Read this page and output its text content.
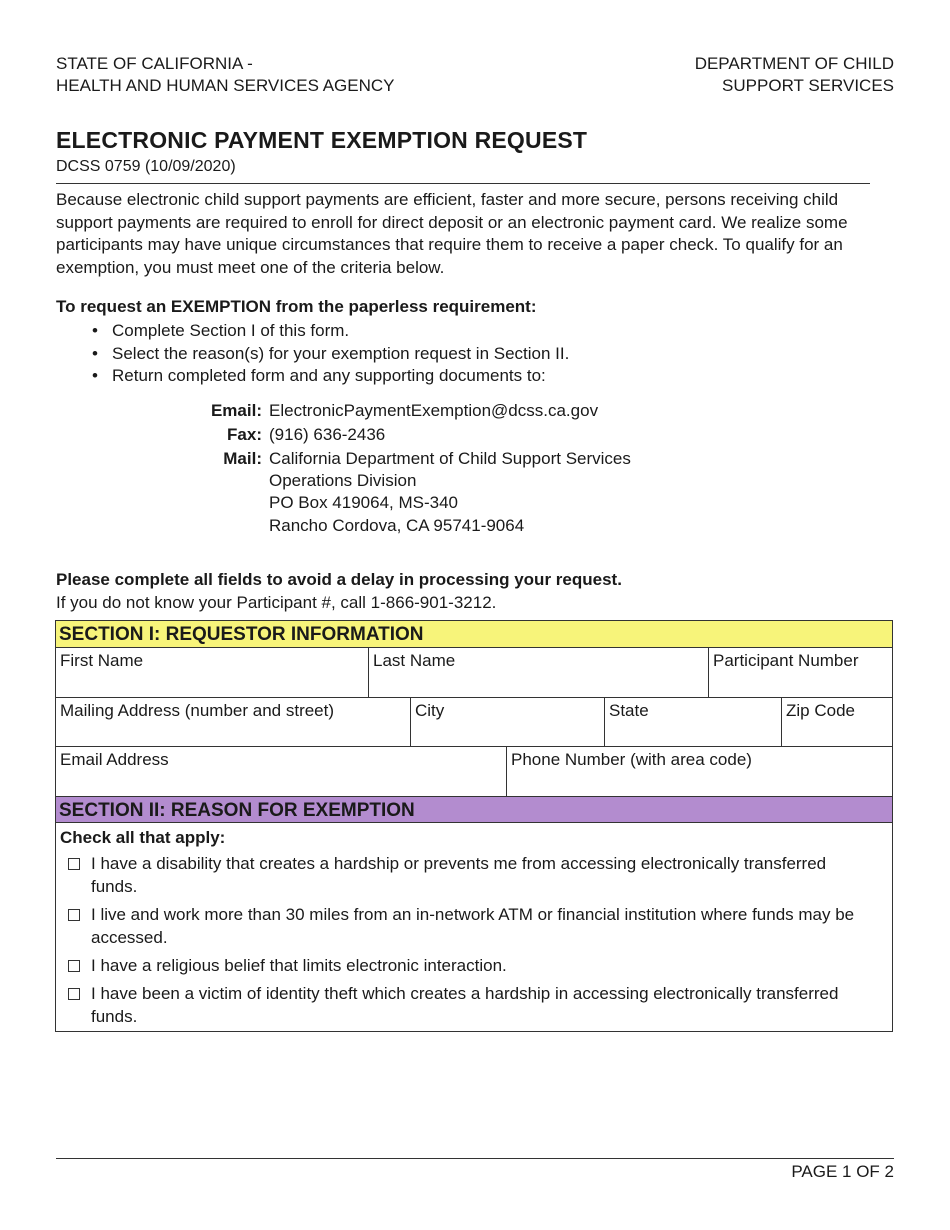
STATE OF CALIFORNIA -
HEALTH AND HUMAN SERVICES AGENCY
DEPARTMENT OF CHILD
SUPPORT SERVICES
ELECTRONIC PAYMENT EXEMPTION REQUEST
DCSS 0759 (10/09/2020)
Because electronic child support payments are efficient, faster and more secure, persons receiving child support payments are required to enroll for direct deposit or an electronic payment card. We realize some participants may have unique circumstances that require them to receive a paper check. To qualify for an exemption, you must meet one of the criteria below.
To request an EXEMPTION from the paperless requirement:
• Complete Section I of this form.
• Select the reason(s) for your exemption request in Section II.
• Return completed form and any supporting documents to:
Email: ElectronicPaymentExemption@dcss.ca.gov
Fax: (916) 636-2436
Mail: California Department of Child Support Services
Operations Division
PO Box 419064, MS-340
Rancho Cordova, CA 95741-9064
Please complete all fields to avoid a delay in processing your request.
If you do not know your Participant #, call 1-866-901-3212.
SECTION I: REQUESTOR INFORMATION
First Name	Last Name	Participant Number
Mailing Address (number and street)	City	State	Zip Code
Email Address	Phone Number (with area code)
SECTION II: REASON FOR EXEMPTION
Check all that apply:
I have a disability that creates a hardship or prevents me from accessing electronically transferred funds.
I live and work more than 30 miles from an in-network ATM or financial institution where funds may be accessed.
I have a religious belief that limits electronic interaction.
I have been a victim of identity theft which creates a hardship in accessing electronically transferred funds.
PAGE 1 OF 2
